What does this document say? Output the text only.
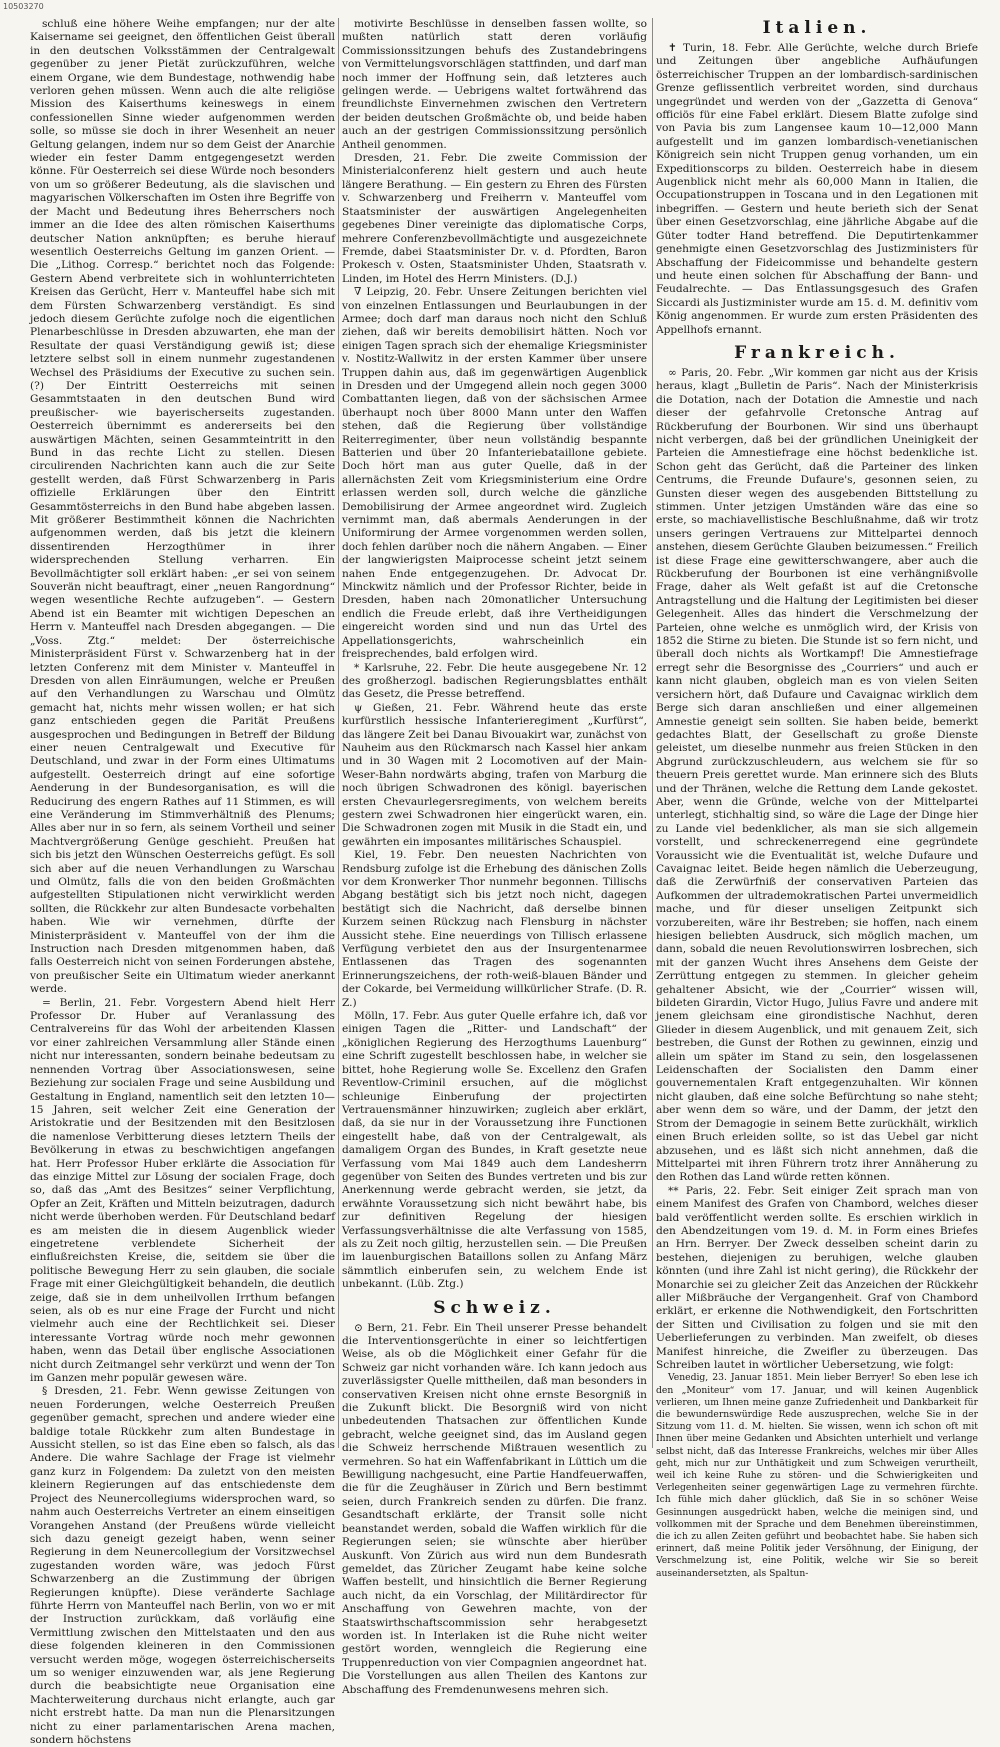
10503270

schluß eine höhere Weihe empfangen; nur der alte Kaisername sei geeignet, den öffentlichen Geist überall in den deutschen Volksstämmen der Centralgewalt gegenüber zu jener Pietät zurückzuführen, welche einem Organe, wie dem Bundestage, nothwendig habe verloren gehen müssen. Wenn auch die alte religiöse Mission des Kaiserthums keineswegs in einem confessionellen Sinne wieder aufgenommen werden solle, so müsse sie doch in ihrer Wesenheit an neuer Geltung gelangen, indem nur so dem Geist der Anarchie wieder ein fester Damm entgegengesetzt werden könne. Für Oesterreich sei diese Würde noch besonders von um so größerer Bedeutung, als die slavischen und magyarischen Völkerschaften im Osten ihre Begriffe von der Macht und Bedeutung ihres Beherrschers noch immer an die Idee des alten römischen Kaiserthums deutscher Nation anknüpften; es beruhe hierauf wesentlich Oesterreichs Geltung im ganzen Orient. — Die „Lithog. Corresp.“ berichtet noch das Folgende: Gestern Abend verbreitete sich in wohlunterrichteten Kreisen das Gerücht, Herr v. Manteuffel habe sich mit dem Fürsten Schwarzenberg verständigt. Es sind jedoch diesem Gerüchte zufolge noch die eigentlichen Plenarbeschlüsse in Dresden abzuwarten, ehe man der Resultate der quasi Verständigung gewiß ist; diese letztere selbst soll in einem nunmehr zugestandenen Wechsel des Präsidiums der Executive zu suchen sein. (?) Der Eintritt Oesterreichs mit seinen Gesammtstaaten in den deutschen Bund wird preußischer- wie bayerischerseits zugestanden. Oesterreich übernimmt es andererseits bei den auswärtigen Mächten, seinen Gesammteintritt in den Bund in das rechte Licht zu stellen. Diesen circulirenden Nachrichten kann auch die zur Seite gestellt werden, daß Fürst Schwarzenberg in Paris offizielle Erklärungen über den Eintritt Gesammtösterreichs in den Bund habe abgeben lassen. Mit größerer Bestimmtheit können die Nachrichten aufgenommen werden, daß bis jetzt die kleinern dissentirenden Herzogthümer in ihrer widersprechenden Stellung verharren. Ein Bevollmächtigter soll erklärt haben: „er sei von seinem Souverän nicht beauftragt, einer „neuen Rangordnung“ wegen wesentliche Rechte aufzugeben“. — Gestern Abend ist ein Beamter mit wichtigen Depeschen an Herrn v. Manteuffel nach Dresden abgegangen. — Die „Voss. Ztg.“ meldet: Der österreichische Ministerpräsident Fürst v. Schwarzenberg hat in der letzten Conferenz mit dem Minister v. Manteuffel in Dresden von allen Einräumungen, welche er Preußen auf den Verhandlungen zu Warschau und Olmütz gemacht hat, nichts mehr wissen wollen; er hat sich ganz entschieden gegen die Parität Preußens ausgesprochen und Bedingungen in Betreff der Bildung einer neuen Centralgewalt und Executive für Deutschland, und zwar in der Form eines Ultimatums aufgestellt. Oesterreich dringt auf eine sofortige Aenderung in der Bundesorganisation, es will die Reducirung des engern Rathes auf 11 Stimmen, es will eine Veränderung im Stimmverhältniß des Plenums; Alles aber nur in so fern, als seinem Vortheil und seiner Machtvergrößerung Genüge geschieht. Preußen hat sich bis jetzt den Wünschen Oesterreichs gefügt. Es soll sich aber auf die neuen Verhandlungen zu Warschau und Olmütz, falls die von den beiden Großmächten aufgestellten Stipulationen nicht verwirklicht werden sollten, die Rückkehr zur alten Bundesacte vorbehalten haben. Wie wir vernehmen, dürfte der Ministerpräsident v. Manteuffel von der ihm die Instruction nach Dresden mitgenommen haben, daß falls Oesterreich nicht von seinen Forderungen abstehe, von preußischer Seite ein Ultimatum wieder anerkannt werde.

= Berlin, 21. Febr. Vorgestern Abend hielt Herr Professor Dr. Huber auf Veranlassung des Centralvereins für das Wohl der arbeitenden Klassen vor einer zahlreichen Versammlung aller Stände einen nicht nur interessanten, sondern beinahe bedeutsam zu nennenden Vortrag über Associationswesen, seine Beziehung zur socialen Frage und seine Ausbildung und Gestaltung in England, namentlich seit den letzten 10—15 Jahren, seit welcher Zeit eine Generation der Aristokratie und der Besitzenden mit den Besitzlosen die namenlose Verbitterung dieses letztern Theils der Bevölkerung in etwas zu beschwichtigen angefangen hat. Herr Professor Huber erklärte die Association für das einzige Mittel zur Lösung der socialen Frage, doch so, daß das „Amt des Besitzes“ seiner Verpflichtung, Opfer an Zeit, Kräften und Mitteln beizutragen, dadurch nicht werde überhoben werden. Für Deutschland bedarf es am meisten die in diesem Augenblick wieder eingetretene verblendete Sicherheit der einflußreichsten Kreise, die, seitdem sie über die politische Bewegung Herr zu sein glauben, die sociale Frage mit einer Gleichgültigkeit behandeln, die deutlich zeige, daß sie in dem unheilvollen Irrthum befangen seien, als ob es nur eine Frage der Furcht und nicht vielmehr auch eine der Rechtlichkeit sei. Dieser interessante Vortrag würde noch mehr gewonnen haben, wenn das Detail über englische Associationen nicht durch Zeitmangel sehr verkürzt und wenn der Ton im Ganzen mehr populär gewesen wäre.

§ Dresden, 21. Febr. Wenn gewisse Zeitungen von neuen Forderungen, welche Oesterreich Preußen gegenüber gemacht, sprechen und andere wieder eine baldige totale Rückkehr zum alten Bundestage in Aussicht stellen, so ist das Eine eben so falsch, als das Andere. Die wahre Sachlage der Frage ist vielmehr ganz kurz in Folgendem: Da zuletzt von den meisten kleinern Regierungen auf das entschiedenste dem Project des Neunercollegiums widersprochen ward, so nahm auch Oesterreichs Vertreter an einem einseitigen Vorangehen Anstand (der Preußens würde vielleicht sich dazu geneigt gezeigt haben, wenn seiner Regierung in dem Neunercollegium der Vorsitzwechsel zugestanden worden wäre, was jedoch Fürst Schwarzenberg an die Zustimmung der übrigen Regierungen knüpfte). Diese veränderte Sachlage führte Herrn von Manteuffel nach Berlin, von wo er mit der Instruction zurückkam, daß vorläufig eine Vermittlung zwischen den Mittelstaaten und den aus diese folgenden kleineren in den Commissionen versucht werden möge, wogegen österreichischerseits um so weniger einzuwenden war, als jene Regierung durch die beabsichtigte neue Organisation eine Machterweiterung durchaus nicht erlangte, auch gar nicht erstrebt hatte. Da man nun die Plenarsitzungen nicht zu einer parlamentarischen Arena machen, sondern höchstens

motivirte Beschlüsse in denselben fassen wollte, so mußten natürlich statt deren vorläufig Commissionssitzungen behufs des Zustandebringens von Vermittelungsvorschlägen stattfinden, und darf man noch immer der Hoffnung sein, daß letzteres auch gelingen werde. — Uebrigens waltet fortwährend das freundlichste Einvernehmen zwischen den Vertretern der beiden deutschen Großmächte ob, und beide haben auch an der gestrigen Commissionssitzung persönlich Antheil genommen.

Dresden, 21. Febr. Die zweite Commission der Ministerialconferenz hielt gestern und auch heute längere Berathung. — Ein gestern zu Ehren des Fürsten v. Schwarzenberg und Freiherrn v. Manteuffel vom Staatsminister der auswärtigen Angelegenheiten gegebenes Diner vereinigte das diplomatische Corps, mehrere Conferenzbevollmächtigte und ausgezeichnete Fremde, dabei Staatsminister Dr. v. d. Pfordten, Baron Prokesch v. Osten, Staatsminister Uhden, Staatsrath v. Linden, im Hotel des Herrn Ministers. (D.J.)

∇ Leipzig, 20. Febr. Unsere Zeitungen berichten viel von einzelnen Entlassungen und Beurlaubungen in der Armee; doch darf man daraus noch nicht den Schluß ziehen, daß wir bereits demobilisirt hätten. Noch vor einigen Tagen sprach sich der ehemalige Kriegsminister v. Nostitz-Wallwitz in der ersten Kammer über unsere Truppen dahin aus, daß im gegenwärtigen Augenblick in Dresden und der Umgegend allein noch gegen 3000 Combattanten liegen, daß von der sächsischen Armee überhaupt noch über 8000 Mann unter den Waffen stehen, daß die Regierung über vollständige Reiterregimenter, über neun vollständig bespannte Batterien und über 20 Infanteriebataillone gebiete. Doch hört man aus guter Quelle, daß in der allernächsten Zeit vom Kriegsministerium eine Ordre erlassen werden soll, durch welche die gänzliche Demobilisirung der Armee angeordnet wird. Zugleich vernimmt man, daß abermals Aenderungen in der Uniformirung der Armee vorgenommen werden sollen, doch fehlen darüber noch die nähern Angaben. — Einer der langwierigsten Maiprocesse scheint jetzt seinem nahen Ende entgegenzugehen. Dr. Advocat Dr. Minckwitz nämlich und der Professor Richter, beide in Dresden, haben nach 20monatlicher Untersuchung endlich die Freude erlebt, daß ihre Vertheidigungen eingereicht worden sind und nun das Urtel des Appellationsgerichts, wahrscheinlich ein freisprechendes, bald erfolgen wird.

* Karlsruhe, 22. Febr. Die heute ausgegebene Nr. 12 des großherzogl. badischen Regierungsblattes enthält das Gesetz, die Presse betreffend.

ψ Gießen, 21. Febr. Während heute das erste kurfürstlich hessische Infanterieregiment „Kurfürst“, das längere Zeit bei Danau Bivouakirt war, zunächst von Nauheim aus den Rückmarsch nach Kassel hier ankam und in 30 Wagen mit 2 Locomotiven auf der Main-Weser-Bahn nordwärts abging, trafen von Marburg die noch übrigen Schwadronen des königl. bayerischen ersten Chevaurlegersregiments, von welchem bereits gestern zwei Schwadronen hier eingerückt waren, ein. Die Schwadronen zogen mit Musik in die Stadt ein, und gewährten ein imposantes militärisches Schauspiel.

Kiel, 19. Febr. Den neuesten Nachrichten von Rendsburg zufolge ist die Erhebung des dänischen Zolls vor dem Kronwerker Thor nunmehr begonnen. Tillischs Abgang bestätigt sich bis jetzt noch nicht, dagegen bestätigt sich die Nachricht, daß derselbe binnen Kurzem seinen Rückzug nach Flensburg in nächster Aussicht stehe. Eine neuerdings von Tillisch erlassene Verfügung verbietet den aus der Insurgentenarmee Entlassenen das Tragen des sogenannten Erinnerungszeichens, der roth-weiß-blauen Bänder und der Cokarde, bei Vermeidung willkürlicher Strafe. (D. R. Z.)

Mölln, 17. Febr. Aus guter Quelle erfahre ich, daß vor einigen Tagen die „Ritter- und Landschaft“ der „königlichen Regierung des Herzogthums Lauenburg“ eine Schrift zugestellt beschlossen habe, in welcher sie bittet, hohe Regierung wolle Se. Excellenz den Grafen Reventlow-Criminil ersuchen, auf die möglichst schleunige Einberufung der projectirten Vertrauensmänner hinzuwirken; zugleich aber erklärt, daß, da sie nur in der Voraussetzung ihre Functionen eingestellt habe, daß von der Centralgewalt, als damaligem Organ des Bundes, in Kraft gesetzte neue Verfassung vom Mai 1849 auch dem Landesherrn gegenüber von Seiten des Bundes vertreten und bis zur Anerkennung werde gebracht werden, sie jetzt, da erwähnte Voraussetzung sich nicht bewährt habe, bis zur definitiven Regelung der hiesigen Verfassungsverhältnisse die alte Verfassung von 1585, als zu Zeit noch giltig, herzustellen sein. — Die Preußen im lauenburgischen Bataillons sollen zu Anfang März sämmtlich einberufen sein, zu welchem Ende ist unbekannt. (Lüb. Ztg.)

Schweiz.

⊙ Bern, 21. Febr. Ein Theil unserer Presse behandelt die Interventionsgerüchte in einer so leichtfertigen Weise, als ob die Möglichkeit einer Gefahr für die Schweiz gar nicht vorhanden wäre. Ich kann jedoch aus zuverlässigster Quelle mittheilen, daß man besonders in conservativen Kreisen nicht ohne ernste Besorgniß in die Zukunft blickt. Die Besorgniß wird von nicht unbedeutenden Thatsachen zur öffentlichen Kunde gebracht, welche geeignet sind, das im Ausland gegen die Schweiz herrschende Mißtrauen wesentlich zu vermehren. So hat ein Waffenfabrikant in Lüttich um die Bewilligung nachgesucht, eine Partie Handfeuerwaffen, die für die Zeughäuser in Zürich und Bern bestimmt seien, durch Frankreich senden zu dürfen. Die franz. Gesandtschaft erklärte, der Transit solle nicht beanstandet werden, sobald die Waffen wirklich für die Regierungen seien; sie wünschte aber hierüber Auskunft. Von Zürich aus wird nun dem Bundesrath gemeldet, das Züricher Zeugamt habe keine solche Waffen bestellt, und hinsichtlich die Berner Regierung auch nicht, da ein Vorschlag, der Militärdirector für Anschaffung von Gewehren machte, von der Staatswirthschaftscommission sehr herabgesetzt worden ist. In Interlaken ist die Ruhe nicht weiter gestört worden, wenngleich die Regierung eine Truppenreduction von vier Compagnien angeordnet hat. Die Vorstellungen aus allen Theilen des Kantons zur Abschaffung des Fremdenunwesens mehren sich.

Italien.

✝ Turin, 18. Febr. Alle Gerüchte, welche durch Briefe und Zeitungen über angebliche Aufhäufungen österreichischer Truppen an der lombardisch-sardinischen Grenze geflissentlich verbreitet worden, sind durchaus ungegründet und werden von der „Gazzetta di Genova“ officiös für eine Fabel erklärt. Diesem Blatte zufolge sind von Pavia bis zum Langensee kaum 10—12,000 Mann aufgestellt und im ganzen lombardisch-venetianischen Königreich sein nicht Truppen genug vorhanden, um ein Expeditionscorps zu bilden. Oesterreich habe in diesem Augenblick nicht mehr als 60,000 Mann in Italien, die Occupationstruppen in Toscana und in den Legationen mit inbegriffen. — Gestern und heute berieth sich der Senat über einen Gesetzvorschlag, eine jährliche Abgabe auf die Güter todter Hand betreffend. Die Deputirtenkammer genehmigte einen Gesetzvorschlag des Justizministers für Abschaffung der Fideicommisse und behandelte gestern und heute einen solchen für Abschaffung der Bann- und Feudalrechte. — Das Entlassungsgesuch des Grafen Siccardi als Justizminister wurde am 15. d. M. definitiv vom König angenommen. Er wurde zum ersten Präsidenten des Appellhofs ernannt.

Frankreich.

∞ Paris, 20. Febr. „Wir kommen gar nicht aus der Krisis heraus, klagt „Bulletin de Paris“. Nach der Ministerkrisis die Dotation, nach der Dotation die Amnestie und nach dieser der gefahrvolle Cretonsche Antrag auf Rückberufung der Bourbonen. Wir sind uns überhaupt nicht verbergen, daß bei der gründlichen Uneinigkeit der Parteien die Amnestiefrage eine höchst bedenkliche ist. Schon geht das Gerücht, daß die Parteiner des linken Centrums, die Freunde Dufaure's, gesonnen seien, zu Gunsten dieser wegen des ausgebenden Bittstellung zu stimmen. Unter jetzigen Umständen wäre das eine so erste, so machiavellistische Beschlußnahme, daß wir trotz unsers geringen Vertrauens zur Mittelpartei dennoch anstehen, diesem Gerüchte Glauben beizumessen.“ Freilich ist diese Frage eine gewitterschwangere, aber auch die Rückberufung der Bourbonen ist eine verhängnißvolle Frage, daher als Welt gefaßt ist auf die Cretonsche Antragstellung und die Haltung der Legitimisten bei dieser Gelegenheit. Alles das hindert die Verschmelzung der Parteien, ohne welche es unmöglich wird, der Krisis von 1852 die Stirne zu bieten. Die Stunde ist so fern nicht, und überall doch nichts als Wortkampf! Die Amnestiefrage erregt sehr die Besorgnisse des „Courriers“ und auch er kann nicht glauben, obgleich man es von vielen Seiten versichern hört, daß Dufaure und Cavaignac wirklich dem Berge sich daran anschließen und einer allgemeinen Amnestie geneigt sein sollten. Sie haben beide, bemerkt gedachtes Blatt, der Gesellschaft zu große Dienste geleistet, um dieselbe nunmehr aus freien Stücken in den Abgrund zurückzuschleudern, aus welchem sie für so theuern Preis gerettet wurde. Man erinnere sich des Bluts und der Thränen, welche die Rettung dem Lande gekostet. Aber, wenn die Gründe, welche von der Mittelpartei unterlegt, stichhaltig sind, so wäre die Lage der Dinge hier zu Lande viel bedenklicher, als man sie sich allgemein vorstellt, und schreckenerregend eine gegründete Voraussicht wie die Eventualität ist, welche Dufaure und Cavaignac leitet. Beide hegen nämlich die Ueberzeugung, daß die Zerwürfniß der conservativen Parteien das Aufkommen der ultrademokratischen Partei unvermeidlich mache, und für dieser unseligen Zeitpunkt sich vorzubereiten, wäre ihr Bestreben; sie hoffen, nach einem hiesigen beliebten Ausdruck, sich möglich machen, um dann, sobald die neuen Revolutionswirren losbrechen, sich mit der ganzen Wucht ihres Ansehens dem Geiste der Zerrüttung entgegen zu stemmen. In gleicher geheim gehaltener Absicht, wie der „Courrier“ wissen will, bildeten Girardin, Victor Hugo, Julius Favre und andere mit jenem gleichsam eine girondistische Nachhut, deren Glieder in diesem Augenblick, und mit genauem Zeit, sich bestreben, die Gunst der Rothen zu gewinnen, einzig und allein um später im Stand zu sein, den losgelassenen Leidenschaften der Socialisten den Damm einer gouvernementalen Kraft entgegenzuhalten. Wir können nicht glauben, daß eine solche Befürchtung so nahe steht; aber wenn dem so wäre, und der Damm, der jetzt den Strom der Demagogie in seinem Bette zurückhält, wirklich einen Bruch erleiden sollte, so ist das Uebel gar nicht abzusehen, und es läßt sich nicht annehmen, daß die Mittelpartei mit ihren Führern trotz ihrer Annäherung zu den Rothen das Land würde retten können.

** Paris, 22. Febr. Seit einiger Zeit sprach man von einem Manifest des Grafen von Chambord, welches dieser bald veröffentlicht werden sollte. Es erschien wirklich in den Abendzeitungen vom 19. d. M. in Form eines Briefes an Hrn. Berryer. Der Zweck desselben scheint darin zu bestehen, diejenigen zu beruhigen, welche glauben könnten (und ihre Zahl ist nicht gering), die Rückkehr der Monarchie sei zu gleicher Zeit das Anzeichen der Rückkehr aller Mißbräuche der Vergangenheit. Graf von Chambord erklärt, er erkenne die Nothwendigkeit, den Fortschritten der Sitten und Civilisation zu folgen und sie mit den Ueberlieferungen zu verbinden. Man zweifelt, ob dieses Manifest hinreiche, die Zweifler zu überzeugen. Das Schreiben lautet in wörtlicher Uebersetzung, wie folgt:

Venedig, 23. Januar 1851. Mein lieber Berryer! So eben lese ich den „Moniteur“ vom 17. Januar, und will keinen Augenblick verlieren, um Ihnen meine ganze Zufriedenheit und Dankbarkeit für die bewundernswürdige Rede auszusprechen, welche Sie in der Sitzung vom 11. d. M. hielten. Sie wissen, wenn ich schon oft mit Ihnen über meine Gedanken und Absichten unterhielt und verlange selbst nicht, daß das Interesse Frankreichs, welches mir über Alles geht, mich nur zur Unthätigkeit und zum Schweigen verurtheilt, weil ich keine Ruhe zu stören- und die Schwierigkeiten und Verlegenheiten seiner gegenwärtigen Lage zu vermehren fürchte. Ich fühle mich daher glücklich, daß Sie in so schöner Weise Gesinnungen ausgedrückt haben, welche die meinigen sind, und vollkommen mit der Sprache und dem Benehmen übereinstimmen, die ich zu allen Zeiten geführt und beobachtet habe. Sie haben sich erinnert, daß meine Politik jeder Versöhnung, der Einigung, der Verschmelzung ist, eine Politik, welche wir Sie so bereit auseinandersetzten, als Spaltun-
